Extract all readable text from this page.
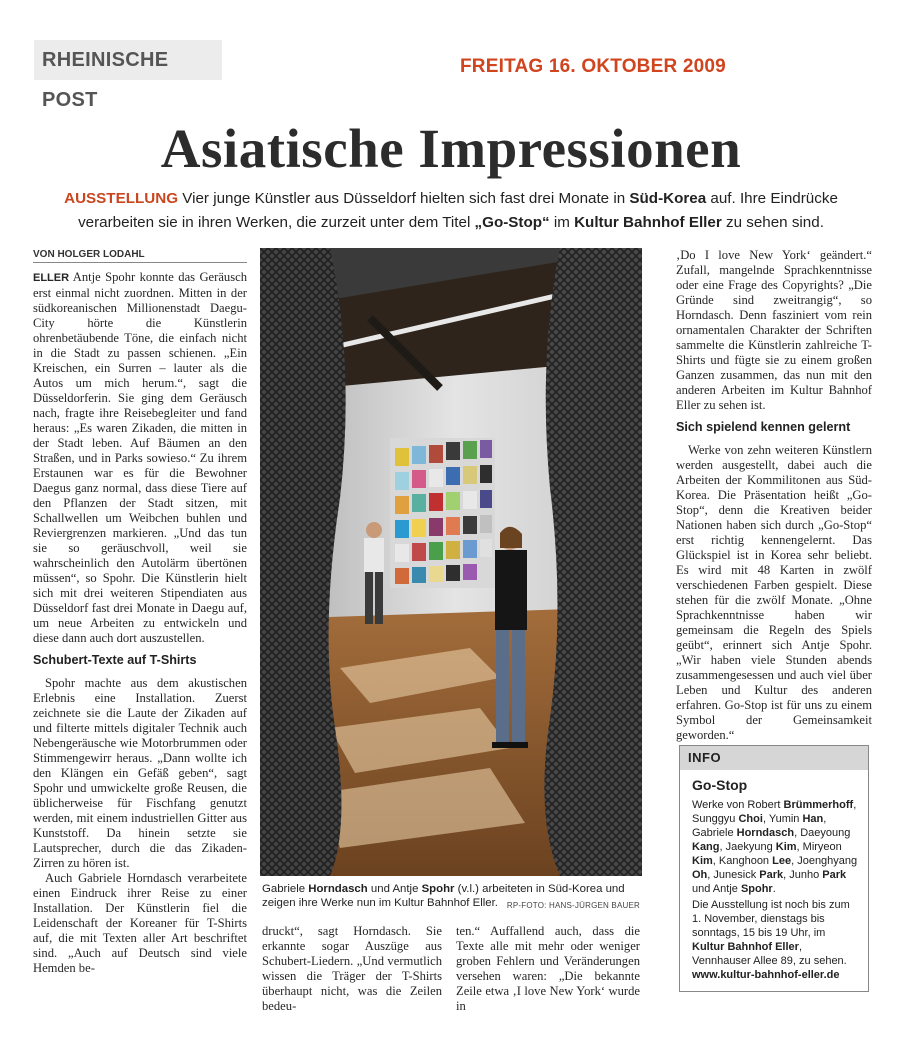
RHEINISCHE POST
FREITAG 16. OKTOBER 2009
Asiatische Impressionen
AUSSTELLUNG Vier junge Künstler aus Düsseldorf hielten sich fast drei Monate in Süd-Korea auf. Ihre Eindrücke verarbeiten sie in ihren Werken, die zurzeit unter dem Titel „Go-Stop“ im Kultur Bahnhof Eller zu sehen sind.
VON HOLGER LODAHL

ELLER Antje Spohr konnte das Geräusch erst einmal nicht zuordnen. Mitten in der südkoreanischen Millionenstadt Daegu-City hörte die Künstlerin ohrenbetäubende Töne, die einfach nicht in die Stadt zu passen schienen. „Ein Kreischen, ein Surren – lauter als die Autos um mich herum.“, sagt die Düsseldorferin. Sie ging dem Geräusch nach, fragte ihre Reisebegleiter und fand heraus: „Es waren Zikaden, die mitten in der Stadt leben. Auf Bäumen an den Straßen, und in Parks sowieso.“ Zu ihrem Erstaunen war es für die Bewohner Daegus ganz normal, dass diese Tiere auf den Pflanzen der Stadt sitzen, mit Schallwellen um Weibchen buhlen und Reviergrenzen markieren. „Und das tun sie so geräuschvoll, weil sie wahrscheinlich den Autolärm übertönen müssen“, so Spohr. Die Künstlerin hielt sich mit drei weiteren Stipendiaten aus Düsseldorf fast drei Monate in Daegu auf, um neue Arbeiten zu entwickeln und diese dann auch dort auszustellen.

Schubert-Texte auf T-Shirts

Spohr machte aus dem akustischen Erlebnis eine Installation. Zuerst zeichnete sie die Laute der Zikaden auf und filterte mittels digitaler Technik auch Nebengeräusche wie Motorbrummen oder Stimmengewirr heraus. „Dann wollte ich den Klängen ein Gefäß geben“, sagt Spohr und umwickelte große Reusen, die üblicherweise für Fischfang genutzt werden, mit einem industriellen Gitter aus Kunststoff. Da hinein setzte sie Lautsprecher, durch die das Zikaden-Zirren zu hören ist.

Auch Gabriele Horndasch verarbeitete einen Eindruck ihrer Reise zu einer Installation. Der Künstlerin fiel die Leidenschaft der Koreaner für T-Shirts auf, die mit Texten aller Art beschriftet sind. „Auch auf Deutsch sind viele Hemden be-

Gabriele Horndasch und Antje Spohr (v.l.) arbeiteten in Süd-Korea und zeigen ihre Werke nun im Kultur Bahnhof Eller. RP-FOTO: HANS-JÜRGEN BAUER
druckt“, sagt Horndasch. Sie erkannte sogar Auszüge aus Schubert-Liedern. „Und vermutlich wissen die Träger der T-Shirts überhaupt nicht, was die Zeilen bedeu-
ten.“ Auffallend auch, dass die Texte alle mit mehr oder weniger groben Fehlern und Veränderungen versehen waren: „Die bekannte Zeile etwa ‚I love New York‘ wurde in

‚Do I love New York‘ geändert.“ Zufall, mangelnde Sprachkenntnisse oder eine Frage des Copyrights? „Die Gründe sind zweitrangig“, so Horndasch. Denn fasziniert vom rein ornamentalen Charakter der Schriften sammelte die Künstlerin zahlreiche T-Shirts und fügte sie zu einem großen Ganzen zusammen, das nun mit den anderen Arbeiten im Kultur Bahnhof Eller zu sehen ist.

Sich spielend kennen gelernt

Werke von zehn weiteren Künstlern werden ausgestellt, dabei auch die Arbeiten der Kommilitonen aus Süd-Korea. Die Präsentation heißt „Go-Stop“, denn die Kreativen beider Nationen haben sich durch „Go-Stop“ erst richtig kennengelernt. Das Glückspiel ist in Korea sehr beliebt. Es wird mit 48 Karten in zwölf verschiedenen Farben gespielt. Diese stehen für die zwölf Monate. „Ohne Sprachkenntnisse haben wir gemeinsam die Regeln des Spiels geübt“, erinnert sich Antje Spohr. „Wir haben viele Stunden abends zusammengesessen und auch viel über Leben und Kultur des anderen erfahren. Go-Stop ist für uns zu einem Symbol der Gemeinsamkeit geworden.“

INFO
Go-Stop
Werke von Robert Brümmerhoff, Sunggyu Choi, Yumin Han, Gabriele Horndasch, Daeyoung Kang, Jaekyung Kim, Miryeon Kim, Kanghoon Lee, Joenghyang Oh, Junesick Park, Junho Park und Antje Spohr.
Die Ausstellung ist noch bis zum 1. November, dienstags bis sonntags, 15 bis 19 Uhr, im Kultur Bahnhof Eller, Vennhauser Allee 89, zu sehen.
www.kultur-bahnhof-eller.de
